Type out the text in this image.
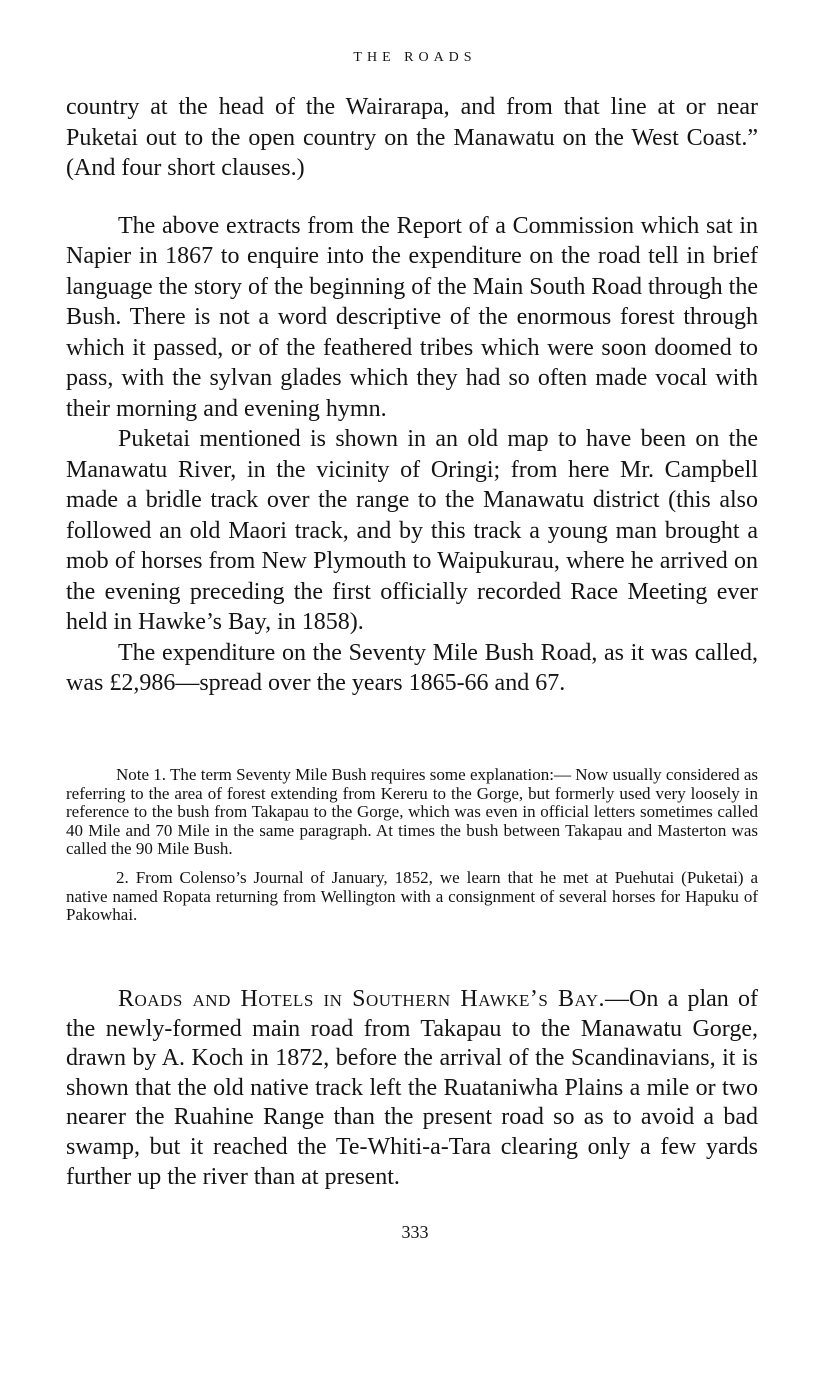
THE ROADS

country at the head of the Wairarapa, and from that line at or near Puketai out to the open country on the Manawatu on the West Coast.” (And four short clauses.)

The above extracts from the Report of a Commission which sat in Napier in 1867 to enquire into the expenditure on the road tell in brief language the story of the beginning of the Main South Road through the Bush. There is not a word descriptive of the enormous forest through which it passed, or of the feathered tribes which were soon doomed to pass, with the sylvan glades which they had so often made vocal with their morning and evening hymn.

Puketai mentioned is shown in an old map to have been on the Manawatu River, in the vicinity of Oringi; from here Mr. Campbell made a bridle track over the range to the Manawatu district (this also followed an old Maori track, and by this track a young man brought a mob of horses from New Plymouth to Waipukurau, where he arrived on the evening preceding the first officially recorded Race Meeting ever held in Hawke’s Bay, in 1858).

The expenditure on the Seventy Mile Bush Road, as it was called, was £2,986—spread over the years 1865-66 and 67.

Note 1. The term Seventy Mile Bush requires some explanation:— Now usually considered as referring to the area of forest extending from Kereru to the Gorge, but formerly used very loosely in reference to the bush from Takapau to the Gorge, which was even in official letters sometimes called 40 Mile and 70 Mile in the same paragraph. At times the bush between Takapau and Masterton was called the 90 Mile Bush.

2. From Colenso’s Journal of January, 1852, we learn that he met at Puehutai (Puketai) a native named Ropata returning from Wellington with a consignment of several horses for Hapuku of Pakowhai.

Roads and Hotels in Southern Hawke’s Bay.—On a plan of the newly-formed main road from Takapau to the Manawatu Gorge, drawn by A. Koch in 1872, before the arrival of the Scandinavians, it is shown that the old native track left the Ruataniwha Plains a mile or two nearer the Ruahine Range than the present road so as to avoid a bad swamp, but it reached the Te-Whiti-a-Tara clearing only a few yards further up the river than at present.

333
